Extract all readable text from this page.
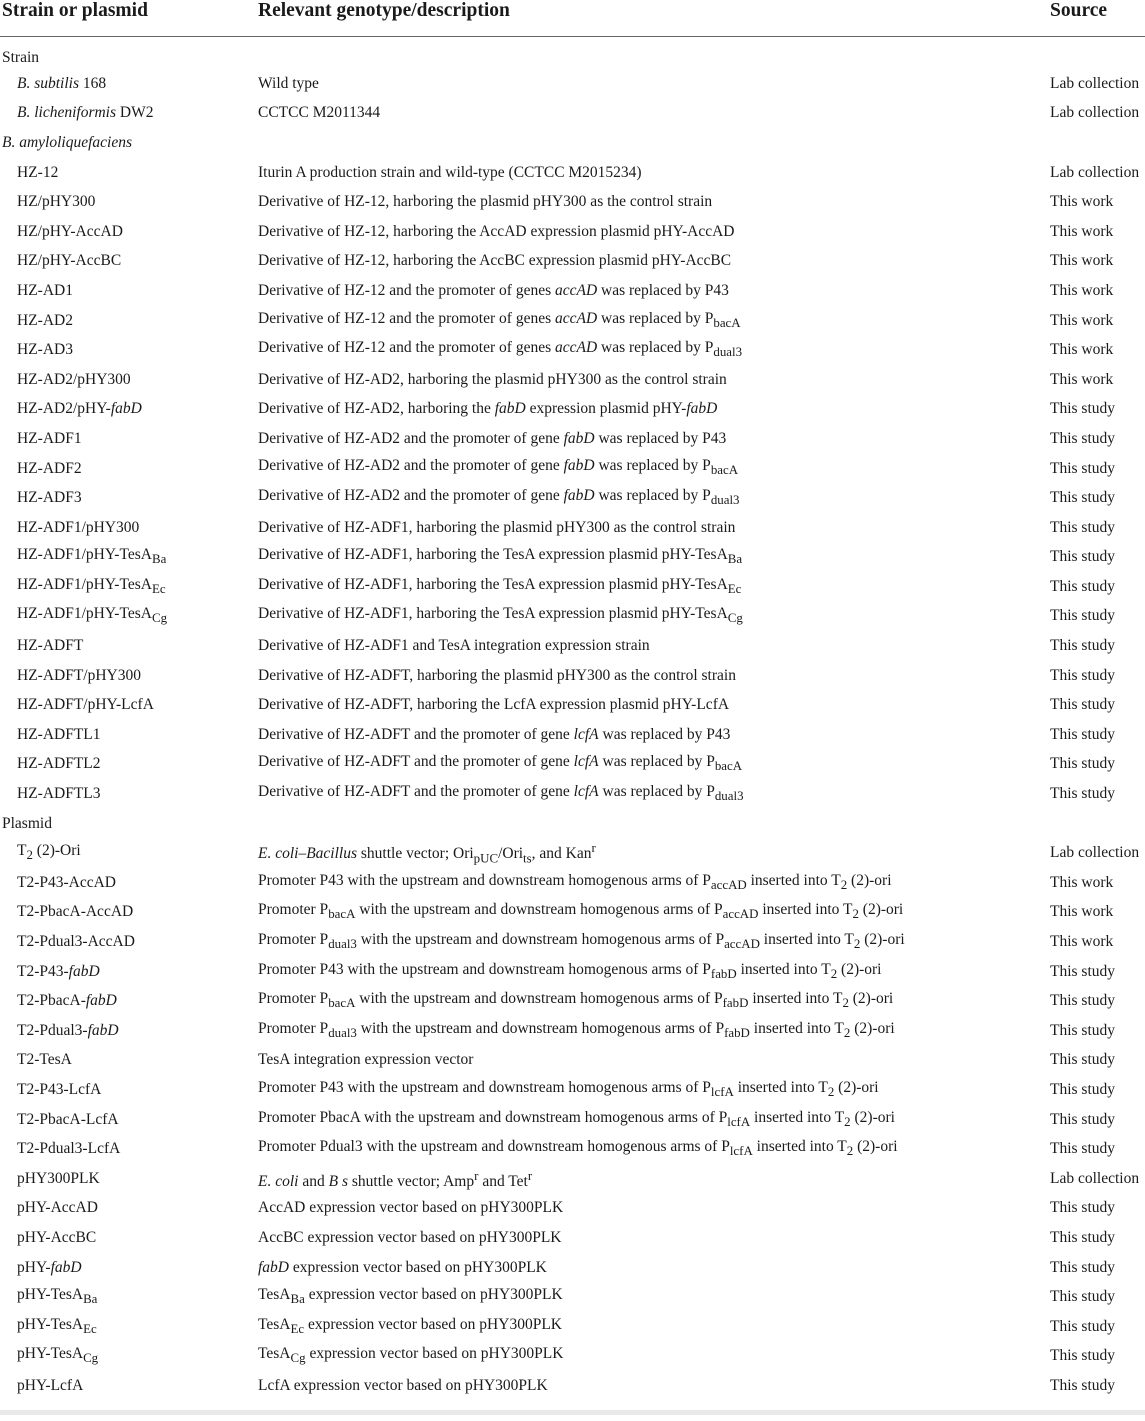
Strain or plasmid	Relevant genotype/description	Source
Strain		
B. subtilis 168	Wild type	Lab collection
B. licheniformis DW2	CCTCC M2011344	Lab collection
B. amyloliquefaciens		
HZ-12	Iturin A production strain and wild-type (CCTCC M2015234)	Lab collection
HZ/pHY300	Derivative of HZ-12, harboring the plasmid pHY300 as the control strain	This work
HZ/pHY-AccAD	Derivative of HZ-12, harboring the AccAD expression plasmid pHY-AccAD	This work
HZ/pHY-AccBC	Derivative of HZ-12, harboring the AccBC expression plasmid pHY-AccBC	This work
HZ-AD1	Derivative of HZ-12 and the promoter of genes accAD was replaced by P43	This work
HZ-AD2	Derivative of HZ-12 and the promoter of genes accAD was replaced by $P_{bacA}$	This work
HZ-AD3	Derivative of HZ-12 and the promoter of genes accAD was replaced by $P_{dual3}$	This work
HZ-AD2/pHY300	Derivative of HZ-AD2, harboring the plasmid pHY300 as the control strain	This work
HZ-AD2/pHY-fabD	Derivative of HZ-AD2, harboring the fabD expression plasmid pHY-fabD	This study
HZ-ADF1	Derivative of HZ-AD2 and the promoter of gene fabD was replaced by P43	This study
HZ-ADF2	Derivative of HZ-AD2 and the promoter of gene fabD was replaced by $P_{bacA}$	This study
HZ-ADF3	Derivative of HZ-AD2 and the promoter of gene fabD was replaced by $P_{dual3}$	This study
HZ-ADF1/pHY300	Derivative of HZ-ADF1, harboring the plasmid pHY300 as the control strain	This study
HZ-ADF1/pHY-TesA$_{Ba}$	Derivative of HZ-ADF1, harboring the TesA expression plasmid pHY-TesA$_{Ba}$	This study
HZ-ADF1/pHY-TesA$_{Ec}$	Derivative of HZ-ADF1, harboring the TesA expression plasmid pHY-TesA$_{Ec}$	This study
HZ-ADF1/pHY-TesA$_{Cg}$	Derivative of HZ-ADF1, harboring the TesA expression plasmid pHY-TesA$_{Cg}$	This study
HZ-ADFT	Derivative of HZ-ADF1 and TesA integration expression strain	This study
HZ-ADFT/pHY300	Derivative of HZ-ADFT, harboring the plasmid pHY300 as the control strain	This study
HZ-ADFT/pHY-LcfA	Derivative of HZ-ADFT, harboring the LcfA expression plasmid pHY-LcfA	This study
HZ-ADFTL1	Derivative of HZ-ADFT and the promoter of gene lcfA was replaced by P43	This study
HZ-ADFTL2	Derivative of HZ-ADFT and the promoter of gene lcfA was replaced by $P_{bacA}$	This study
HZ-ADFTL3	Derivative of HZ-ADFT and the promoter of gene lcfA was replaced by $P_{dual3}$	This study
Plasmid		
$T_2$ (2)-Ori	E. coli–Bacillus shuttle vector; Ori$_{pUC}$/Ori$_{ts}$, and Kan$^r$	Lab collection
T2-P43-AccAD	Promoter P43 with the upstream and downstream homogenous arms of $P_{accAD}$ inserted into $T_2$ (2)-ori	This work
T2-PbacA-AccAD	Promoter $P_{bacA}$ with the upstream and downstream homogenous arms of $P_{accAD}$ inserted into $T_2$ (2)-ori	This work
T2-Pdual3-AccAD	Promoter $P_{dual3}$ with the upstream and downstream homogenous arms of $P_{accAD}$ inserted into $T_2$ (2)-ori	This work
T2-P43-fabD	Promoter P43 with the upstream and downstream homogenous arms of $P_{fabD}$ inserted into $T_2$ (2)-ori	This study
T2-PbacA-fabD	Promoter $P_{bacA}$ with the upstream and downstream homogenous arms of $P_{fabD}$ inserted into $T_2$ (2)-ori	This study
T2-Pdual3-fabD	Promoter $P_{dual3}$ with the upstream and downstream homogenous arms of $P_{fabD}$ inserted into $T_2$ (2)-ori	This study
T2-TesA	TesA integration expression vector	This study
T2-P43-LcfA	Promoter P43 with the upstream and downstream homogenous arms of $P_{lcfA}$ inserted into $T_2$ (2)-ori	This study
T2-PbacA-LcfA	Promoter PbacA with the upstream and downstream homogenous arms of $P_{lcfA}$ inserted into $T_2$ (2)-ori	This study
T2-Pdual3-LcfA	Promoter Pdual3 with the upstream and downstream homogenous arms of $P_{lcfA}$ inserted into $T_2$ (2)-ori	This study
pHY300PLK	E. coli and B s shuttle vector; Amp$^r$ and Tet$^r$	Lab collection
pHY-AccAD	AccAD expression vector based on pHY300PLK	This study
pHY-AccBC	AccBC expression vector based on pHY300PLK	This study
pHY-fabD	fabD expression vector based on pHY300PLK	This study
pHY-TesA$_{Ba}$	TesA$_{Ba}$ expression vector based on pHY300PLK	This study
pHY-TesA$_{Ec}$	TesA$_{Ec}$ expression vector based on pHY300PLK	This study
pHY-TesA$_{Cg}$	TesA$_{Cg}$ expression vector based on pHY300PLK	This study
pHY-LcfA	LcfA expression vector based on pHY300PLK	This study
